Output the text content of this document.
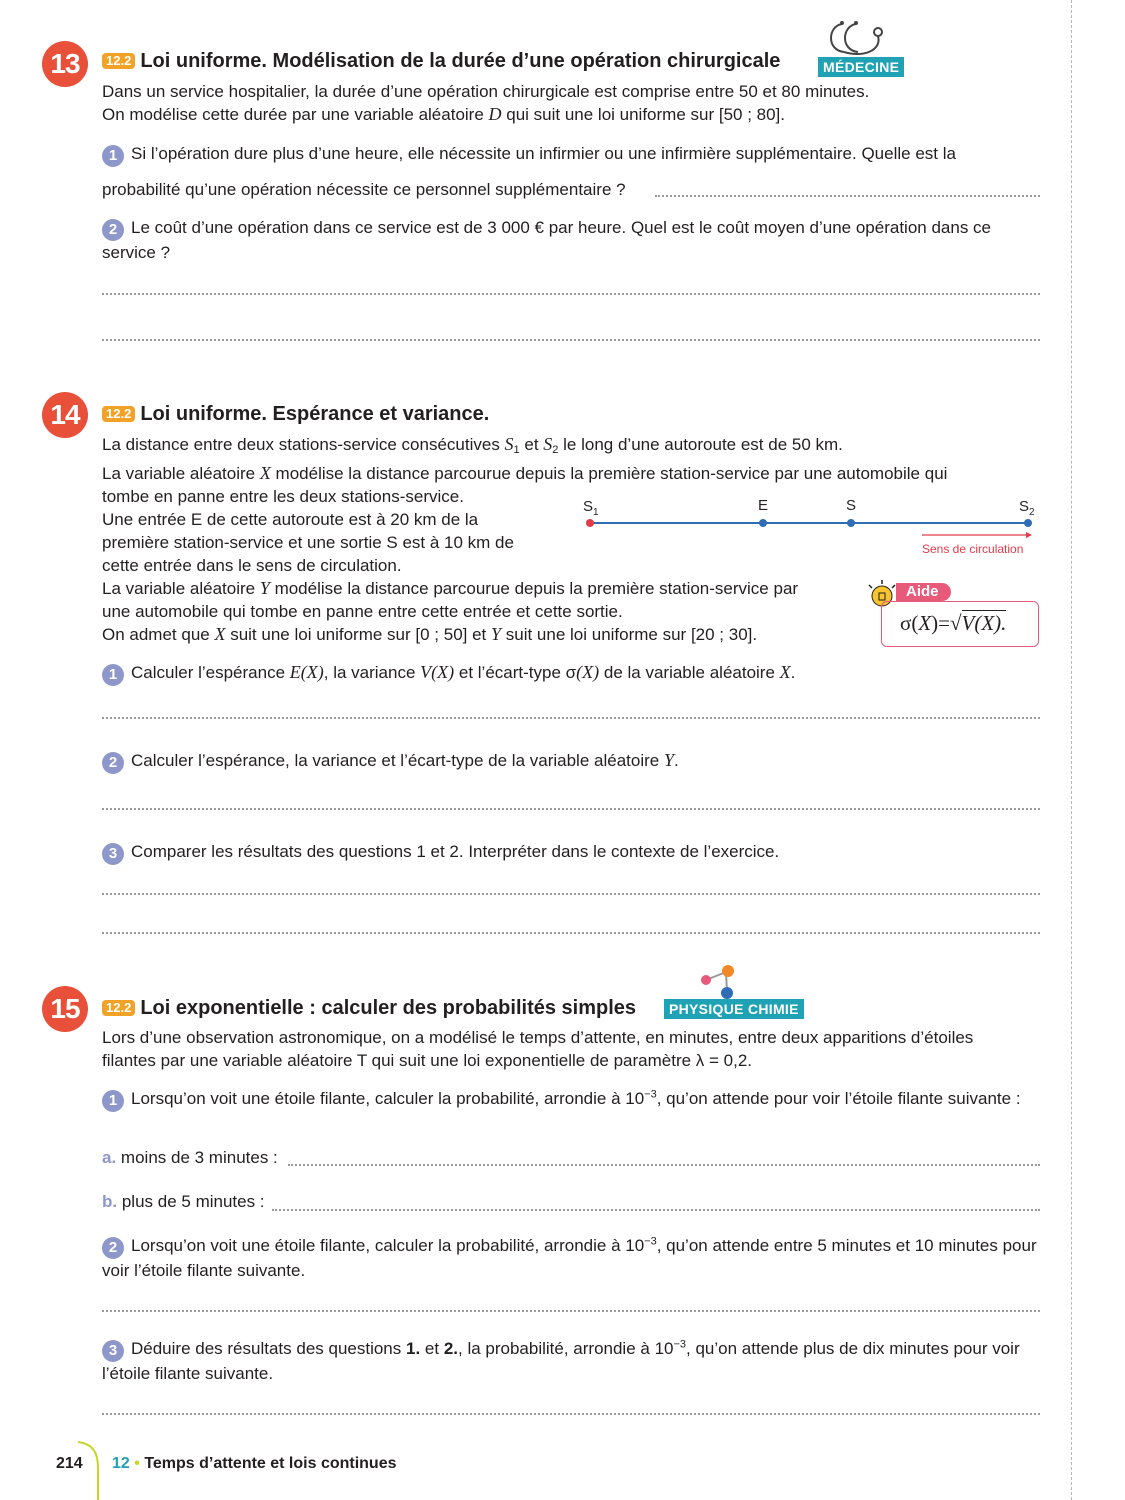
13	12.2 Loi uniforme. Modélisation de la durée d’une opération chirurgicale	MÉDECINE
Dans un service hospitalier, la durée d’une opération chirurgicale est comprise entre 50 et 80 minutes.
On modélise cette durée par une variable aléatoire D qui suit une loi uniforme sur [50 ; 80].
1 Si l’opération dure plus d’une heure, elle nécessite un infirmier ou une infirmière supplémentaire. Quelle est la
probabilité qu’une opération nécessite ce personnel supplémentaire ?
2 Le coût d’une opération dans ce service est de 3 000 € par heure. Quel est le coût moyen d’une opération dans ce service ?
14	12.2 Loi uniforme. Espérance et variance.
La distance entre deux stations-service consécutives $S_1$ et $S_2$ le long d’une autoroute est de 50 km.
La variable aléatoire X modélise la distance parcourue depuis la première station-service par une automobile qui
tombe en panne entre les deux stations-service.
Une entrée E de cette autoroute est à 20 km de la
première station-service et une sortie S est à 10 km de
cette entrée dans le sens de circulation.
La variable aléatoire Y modélise la distance parcourue depuis la première station-service par
une automobile qui tombe en panne entre cette entrée et cette sortie.
On admet que X suit une loi uniforme sur [0 ; 50] et Y suit une loi uniforme sur [20 ; 30].
$S_1$	E	S	$S_2$
Sens de circulation
Aide
σ(X)=√V(X).
1 Calculer l’espérance E(X), la variance V(X) et l’écart-type σ(X) de la variable aléatoire X.
2 Calculer l’espérance, la variance et l’écart-type de la variable aléatoire Y.
3 Comparer les résultats des questions 1 et 2. Interpréter dans le contexte de l’exercice.
15	12.2 Loi exponentielle : calculer des probabilités simples	PHYSIQUE CHIMIE
Lors d’une observation astronomique, on a modélisé le temps d’attente, en minutes, entre deux apparitions d’étoiles
filantes par une variable aléatoire T qui suit une loi exponentielle de paramètre λ = 0,2.
1 Lorsqu’on voit une étoile filante, calculer la probabilité, arrondie à $10^{-3}$, qu’on attende pour voir l’étoile filante suivante :
a. moins de 3 minutes :
b. plus de 5 minutes :
2 Lorsqu’on voit une étoile filante, calculer la probabilité, arrondie à $10^{-3}$, qu’on attende entre 5 minutes et 10 minutes pour voir l’étoile filante suivante.
3 Déduire des résultats des questions 1. et 2., la probabilité, arrondie à $10^{-3}$, qu’on attende plus de dix minutes pour voir l’étoile filante suivante.
214 12 • Temps d’attente et lois continues
